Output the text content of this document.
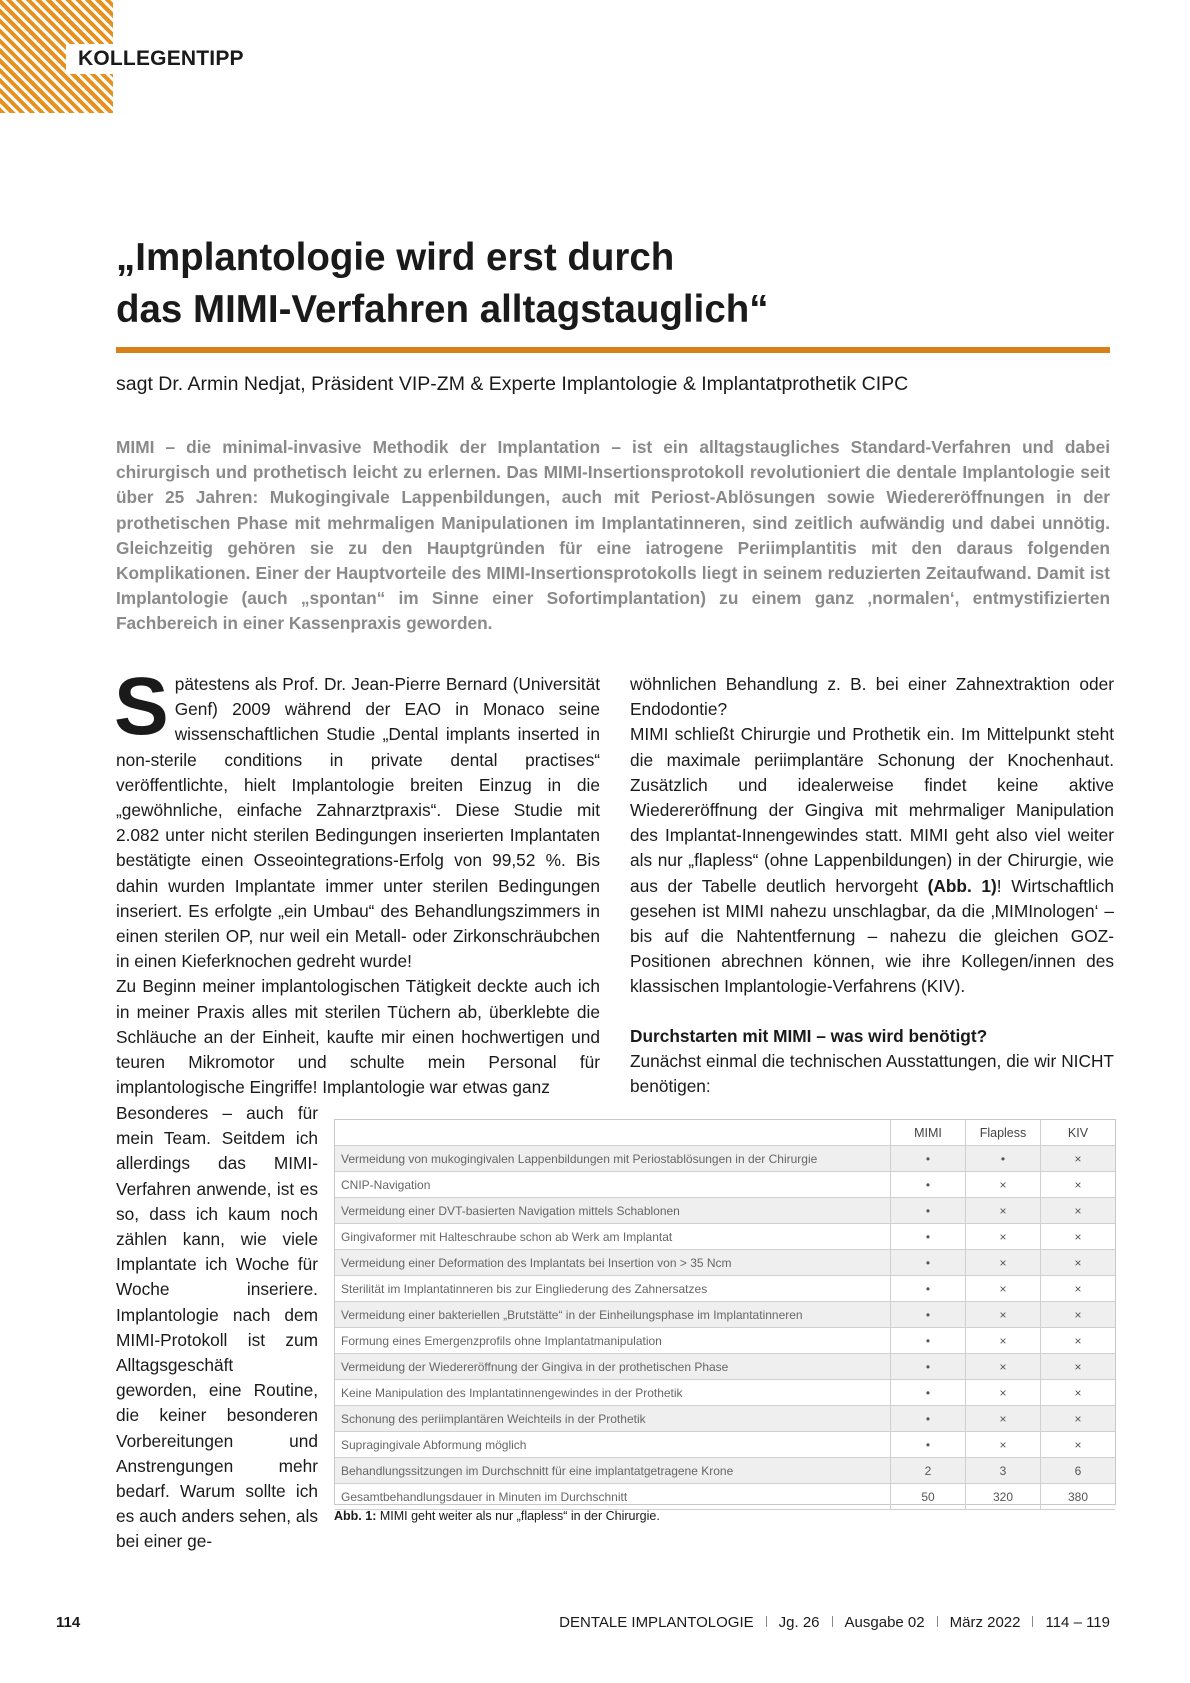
KOLLEGENTIPP
„Implantologie wird erst durch
das MIMI-Verfahren alltagstauglich“
sagt Dr. Armin Nedjat, Präsident VIP-ZM & Experte Implantologie & Implantatprothetik CIPC

MIMI – die minimal-invasive Methodik der Implantation – ist ein alltagstaugliches Standard-Verfahren und dabei chirurgisch und prothetisch leicht zu erlernen. Das MIMI-Insertionsprotokoll revolutioniert die dentale Implantologie seit über 25 Jahren: Mukogingivale Lappenbildungen, auch mit Periost-Ablösungen sowie Wiedereröffnungen in der prothetischen Phase mit mehrmaligen Manipulationen im Implantatinneren, sind zeitlich aufwändig und dabei unnötig. Gleichzeitig gehören sie zu den Hauptgründen für eine iatrogene Periimplantitis mit den daraus folgenden Komplikationen. Einer der Hauptvorteile des MIMI-Insertionsprotokolls liegt in seinem reduzierten Zeitaufwand. Damit ist Implantologie (auch „spontan“ im Sinne einer Sofortimplantation) zu einem ganz ‚normalen‘, entmystifizierten Fachbereich in einer Kassenpraxis geworden.

Spätestens als Prof. Dr. Jean-Pierre Bernard (Universität Genf) 2009 während der EAO in Monaco seine wissenschaftlichen Studie „Dental implants inserted in non-sterile conditions in private dental practises“ veröffentlichte, hielt Implantologie breiten Einzug in die „gewöhnliche, einfache Zahnarztpraxis“. Diese Studie mit 2.082 unter nicht sterilen Bedingungen inserierten Implantaten bestätigte einen Osseointegrations-Erfolg von 99,52 %. Bis dahin wurden Implantate immer unter sterilen Bedingungen inseriert. Es erfolgte „ein Umbau“ des Behandlungszimmers in einen sterilen OP, nur weil ein Metall- oder Zirkonschräubchen in einen Kieferknochen gedreht wurde!

Zu Beginn meiner implantologischen Tätigkeit deckte auch ich in meiner Praxis alles mit sterilen Tüchern ab, überklebte die Schläuche an der Einheit, kaufte mir einen hochwertigen und teuren Mikromotor und schulte mein Personal für implantologische Eingriffe! Implantologie war etwas ganz

Besonderes – auch für mein Team. Seitdem ich allerdings das MIMI-Verfahren anwende, ist es so, dass ich kaum noch zählen kann, wie viele Implantate ich Woche für Woche inseriere. Implantologie nach dem MIMI-Protokoll ist zum Alltagsgeschäft geworden, eine Routine, die keiner besonderen Vorbereitungen und Anstrengungen mehr bedarf. Warum sollte ich es auch anders sehen, als bei einer ge-

wöhnlichen Behandlung z. B. bei einer Zahnextraktion oder Endodontie?

MIMI schließt Chirurgie und Prothetik ein. Im Mittelpunkt steht die maximale periimplantäre Schonung der Knochenhaut. Zusätzlich und idealerweise findet keine aktive Wiedereröffnung der Gingiva mit mehrmaliger Manipulation des Implantat-Innengewindes statt. MIMI geht also viel weiter als nur „flapless“ (ohne Lappenbildungen) in der Chirurgie, wie aus der Tabelle deutlich hervorgeht (Abb. 1)! Wirtschaftlich gesehen ist MIMI nahezu unschlagbar, da die ‚MIMInologen‘ – bis auf die Nahtentfernung – nahezu die gleichen GOZ-Positionen abrechnen können, wie ihre Kollegen/innen des klassischen Implantologie-Verfahrens (KIV).

Durchstarten mit MIMI – was wird benötigt?

Zunächst einmal die technischen Ausstattungen, die wir NICHT benötigen:

	MIMI	Flapless	KIV
Vermeidung von mukogingivalen Lappenbildungen mit Periostablösungen in der Chirurgie	•	•	×
CNIP-Navigation	•	×	×
Vermeidung einer DVT-basierten Navigation mittels Schablonen	•	×	×
Gingivaformer mit Halteschraube schon ab Werk am Implantat	•	×	×
Vermeidung einer Deformation des Implantats bei Insertion von > 35 Ncm	•	×	×
Sterilität im Implantatinneren bis zur Eingliederung des Zahnersatzes	•	×	×
Vermeidung einer bakteriellen „Brutstätte“ in der Einheilungsphase im Implantatinneren	•	×	×
Formung eines Emergenzprofils ohne Implantatmanipulation	•	×	×
Vermeidung der Wiedereröffnung der Gingiva in der prothetischen Phase	•	×	×
Keine Manipulation des Implantatinnengewindes in der Prothetik	•	×	×
Schonung des periimplantären Weichteils in der Prothetik	•	×	×
Supragingivale Abformung möglich	•	×	×
Behandlungssitzungen im Durchschnitt für eine implantatgetragene Krone	2	3	6
Gesamtbehandlungsdauer in Minuten im Durchschnitt	50	320	380
Abb. 1: MIMI geht weiter als nur „flapless“ in der Chirurgie.
114	DENTALE IMPLANTOLOGIE Jg. 26 Ausgabe 02 März 2022 114 – 119
